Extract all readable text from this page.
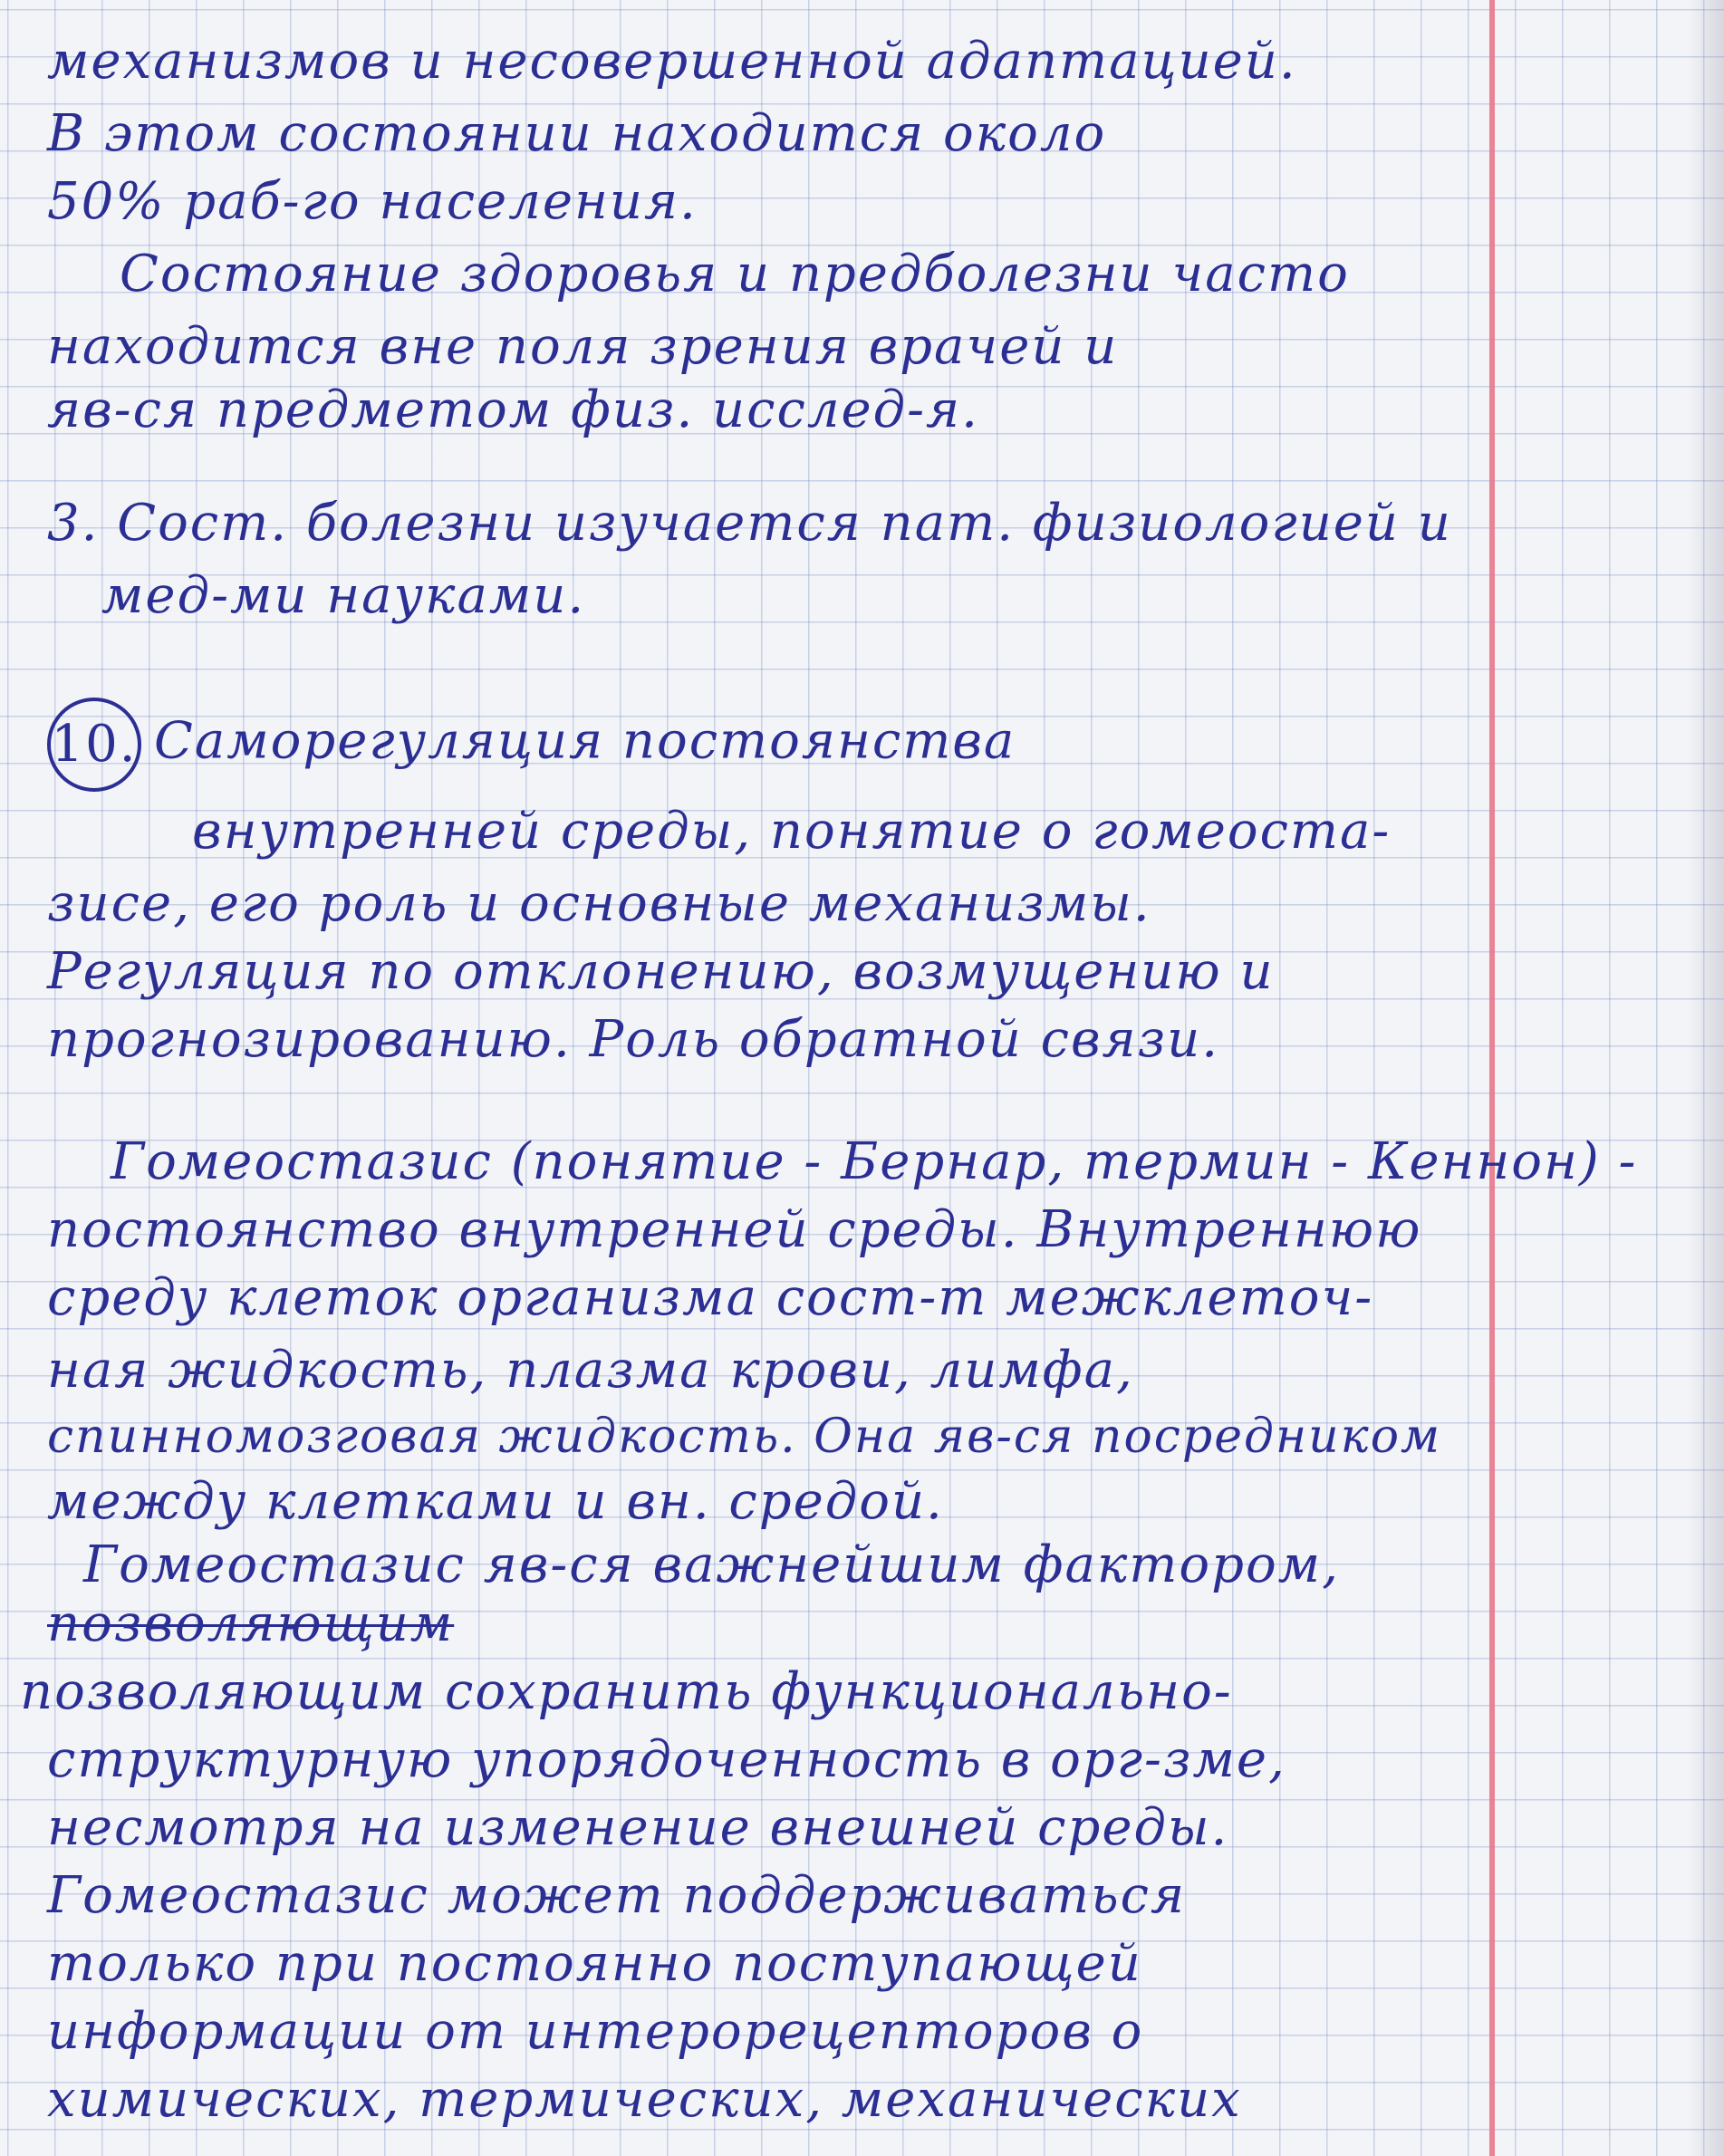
механизмов и несовершенной адаптацией.
В этом состоянии находится около
50% раб-го населения.
Состояние здоровья и предболезни часто
находится вне поля зрения врачей и
яв-ся предметом физ. исслед-я.
3. Сост. болезни изучается пат. физиологией и
мед-ми науками.
10. Саморегуляция постоянства
внутренней среды, понятие о гомеоста-
зисе, его роль и основные механизмы.
Регуляция по отклонению, возмущению и
прогнозированию. Роль обратной связи.
Гомеостазис (понятие - Бернар, термин - Кеннон) -
постоянство внутренней среды. Внутреннюю
среду клеток организма сост-т межклеточ-
ная жидкость, плазма крови, лимфа,
спинномозговая жидкость. Она яв-ся посредником
между клетками и вн. средой.
Гомеостазис яв-ся важнейшим фактором,
позволяющим
позволяющим сохранить функционально-
структурную упорядоченность в орг-зме,
несмотря на изменение внешней среды.
Гомеостазис может поддерживаться
только при постоянно поступающей
информации от интерорецепторов о
химических, термических, механических
